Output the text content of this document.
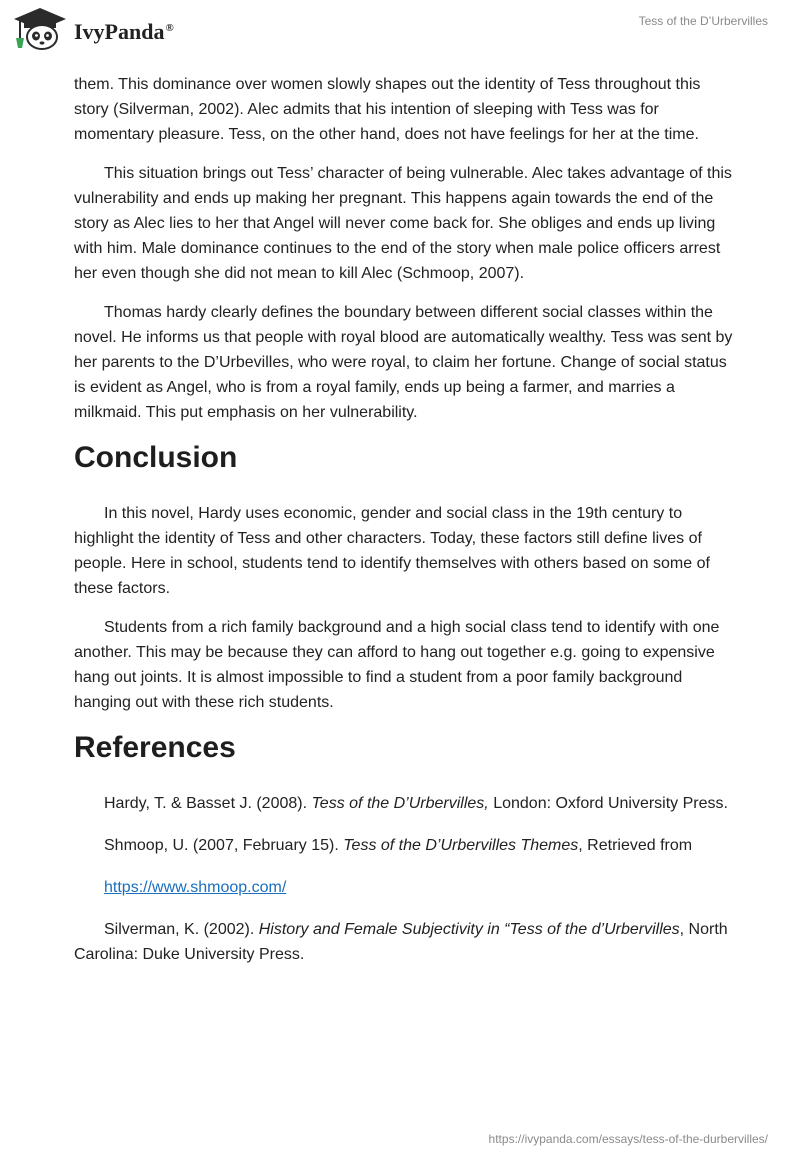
IvyPanda®	Tess of the D’Urbervilles

them. This dominance over women slowly shapes out the identity of Tess throughout this story (Silverman, 2002). Alec admits that his intention of sleeping with Tess was for momentary pleasure. Tess, on the other hand, does not have feelings for her at the time.

This situation brings out Tess’ character of being vulnerable. Alec takes advantage of this vulnerability and ends up making her pregnant. This happens again towards the end of the story as Alec lies to her that Angel will never come back for. She obliges and ends up living with him. Male dominance continues to the end of the story when male police officers arrest her even though she did not mean to kill Alec (Schmoop, 2007).

Thomas hardy clearly defines the boundary between different social classes within the novel. He informs us that people with royal blood are automatically wealthy. Tess was sent by her parents to the D’Urbevilles, who were royal, to claim her fortune. Change of social status is evident as Angel, who is from a royal family, ends up being a farmer, and marries a milkmaid. This put emphasis on her vulnerability.

Conclusion

In this novel, Hardy uses economic, gender and social class in the 19th century to highlight the identity of Tess and other characters. Today, these factors still define lives of people. Here in school, students tend to identify themselves with others based on some of these factors.

Students from a rich family background and a high social class tend to identify with one another. This may be because they can afford to hang out together e.g. going to expensive hang out joints. It is almost impossible to find a student from a poor family background hanging out with these rich students.

References

Hardy, T. & Basset J. (2008). Tess of the D’Urbervilles, London: Oxford University Press.

Shmoop, U. (2007, February 15). Tess of the D’Urbervilles Themes, Retrieved from

https://www.shmoop.com/

Silverman, K. (2002). History and Female Subjectivity in “Tess of the d’Urbervilles, North Carolina: Duke University Press.

https://ivypanda.com/essays/tess-of-the-durbervilles/
